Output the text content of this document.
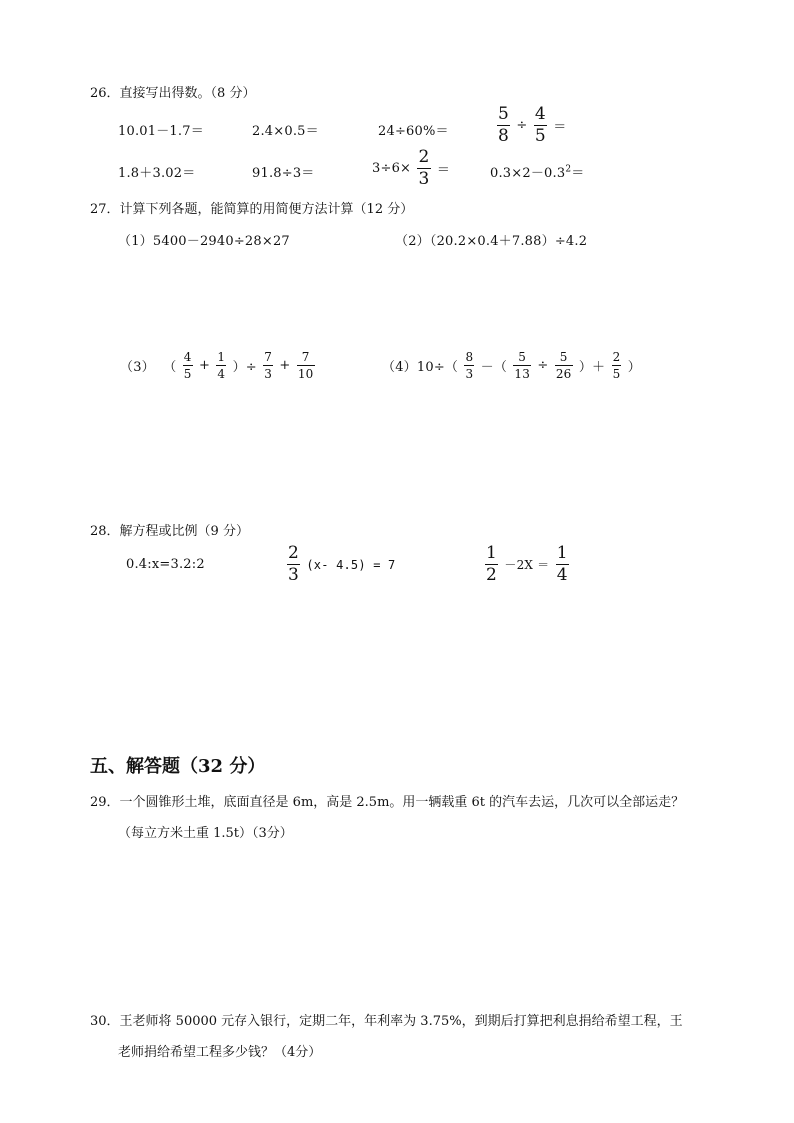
26．直接写出得数。（8 分）
10.01－1.7＝	2.4×0.5＝	24÷60%＝	$\frac{5}{8} \div \frac{4}{5}$ ＝
1.8＋3.02＝	91.8÷3＝	$3\div 6\times \frac{2}{3}$ ＝	$0.3\times 2-0.3^2=$
27．计算下列各题，能简算的用简便方法计算（12 分）
（1）5400－2940÷28×27	（2）（20.2×0.4＋7.88）÷4.2
（3） （ $\frac{4}{5} + \frac{1}{4}$ ）÷ $\frac{7}{3} + \frac{7}{10}$	$(4)10\div( \frac{8}{3}$ －（ $\frac{5}{13} \div \frac{5}{26}$ ）＋ $\frac{2}{5}$ ）
28．解方程或比例（9 分）
0.4:x=3.2:2	$\frac{2}{3} (x-$ 4.5) = 7	$\frac{1}{2} -2X = \frac{1}{4}$
五、解答题（32 分）
29．一个圆锥形土堆，底面直径是 6m，高是 2.5m。用一辆载重 6t 的汽车去运，几次可以全部运走？
（每立方米土重 1.5t）（3分）
30．王老师将 50000 元存入银行，定期二年，年利率为 3.75%，到期后打算把利息捐给希望工程，王
老师捐给希望工程多少钱？（4分）
